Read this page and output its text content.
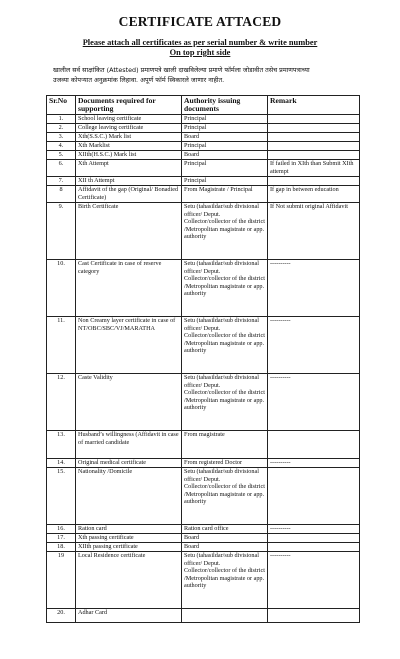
CERTIFICATE ATTACED
Please attach all certificates as per serial number & write number
On top right side
खालील सर्व साक्षांकित (Attested) प्रमाणपत्रे खाली दाखविलेल्या प्रमाणे फॉर्मला जोडावीत तसेच प्रमाणपत्राच्या
उजव्या कोपऱ्यात अनुक्रमांक लिहावा. अपूर्ण फॉर्म स्विकारले जाणार नाहीत.
Sr.No	Documents required for supporting	Authority issuing documents	Remark
1.	School leaving certificate	Principal	
2.	College leaving certificate	Principal	
3.	Xth(S.S.C.) Mark list	Board	
4.	Xth Marklist	Principal	
5.	XIIth(H.S.C.) Mark list	Board	
6.	Xth Attempt	Principal	If failed in XIth than Submit XIth attempt
7.	XII th Attempt	Principal	
8	Affidavit of the gap (Original/ Bonadied Certificate)	From Magistrate / Principal	If gap in between education
9.	Birth Certificate	Setu (tahasildar/sub divisional officer/ Deput. Collector/collector of the district /Metropolitan magistrate or app. authority	If Not submit original Affidavit
10.	Cast Certificate in case of reserve category	Setu (tahasildar/sub divisional officer/ Deput. Collector/collector of the district /Metropolitan magistrate or app. authority	----------
11.	Non Creamy layer certificate in case of NT/OBC/SBC/VJ/MARATHA	Setu (tahasildar/sub divisional officer/ Deput. Collector/collector of the district /Metropolitan magistrate or app. authority	----------
12.	Caste Validity	Setu (tahasildar/sub divisional officer/ Deput. Collector/collector of the district /Metropolitan magistrate or app. authority	----------
13.	Husband’s willingness (Affidavit in case of married candidate	From magistrate	
14.	Original medical certificate	From registered Doctor	----------
15.	Nationality /Domicile	Setu (tahasildar/sub divisional officer/ Deput. Collector/collector of the district /Metropolitan magistrate or app. authority	
16.	Ration card	Ration card office	----------
17.	Xth passing certificate	Board	
18.	XIIth passing certificate	Board	
19	Local Residence certificate	Setu (tahasildar/sub divisional officer/ Deput. Collector/collector of the district /Metropolitan magistrate or app. authority	----------
20.	Adhar Card		
